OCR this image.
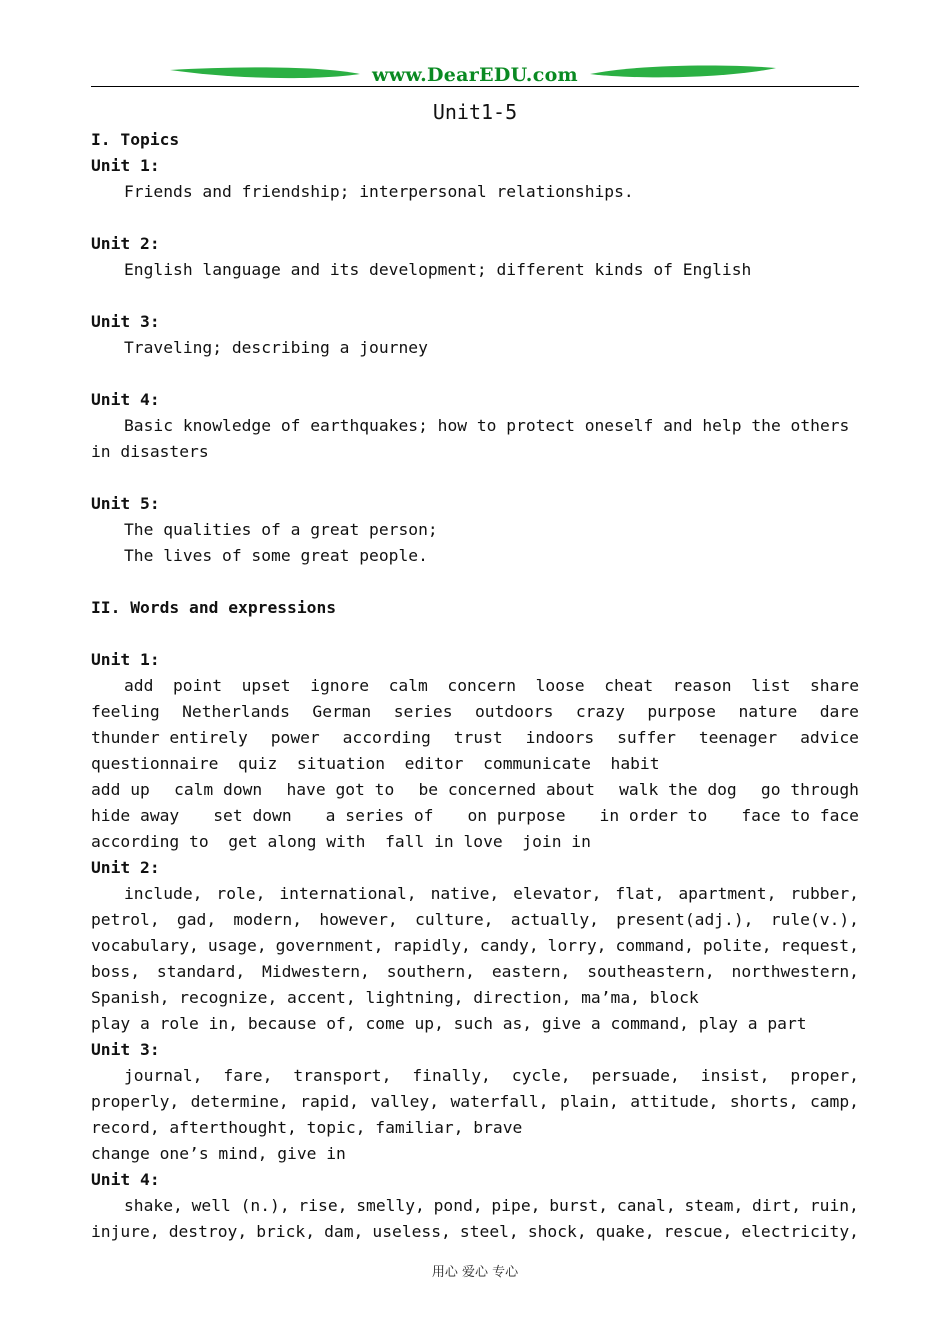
www.DearEDU.com
Unit1-5
I. Topics
Unit 1:
Friends and friendship; interpersonal relationships.
Unit 2:
English language and its development; different kinds of English
Unit 3:
Traveling; describing a journey
Unit 4:
Basic knowledge of earthquakes; how to protect oneself and help the others
in disasters
Unit 5:
The qualities of a great person;
The lives of some great people.
II. Words and expressions
Unit 1:
add point upset ignore calm concern loose cheat reason list share
feeling Netherlands German series outdoors crazy purpose nature dare
thunder entirely power according trust indoors suffer teenager advice
questionnaire  quiz  situation  editor  communicate  habit
add up calm down have got to be concerned about walk the dog go through
hide away set down a series of on purpose in order to face to face
according to  get along with  fall in love  join in
Unit 2:
include, role, international, native, elevator, flat, apartment, rubber,
petrol, gad, modern, however, culture, actually, present(adj.), rule(v.),
vocabulary, usage, government, rapidly, candy, lorry, command, polite, request,
boss, standard, Midwestern, southern, eastern, southeastern, northwestern,
Spanish, recognize, accent, lightning, direction, ma’ma, block
play a role in, because of, come up, such as, give a command, play a part
Unit 3:
journal, fare, transport, finally, cycle, persuade, insist, proper,
properly, determine, rapid, valley, waterfall, plain, attitude, shorts, camp,
record, afterthought, topic, familiar, brave
change one’s mind, give in
Unit 4:
shake, well (n.), rise, smelly, pond, pipe, burst, canal, steam, dirt, ruin,
injure, destroy, brick, dam, useless, steel, shock, quake, rescue, electricity,
用心 爱心 专心
